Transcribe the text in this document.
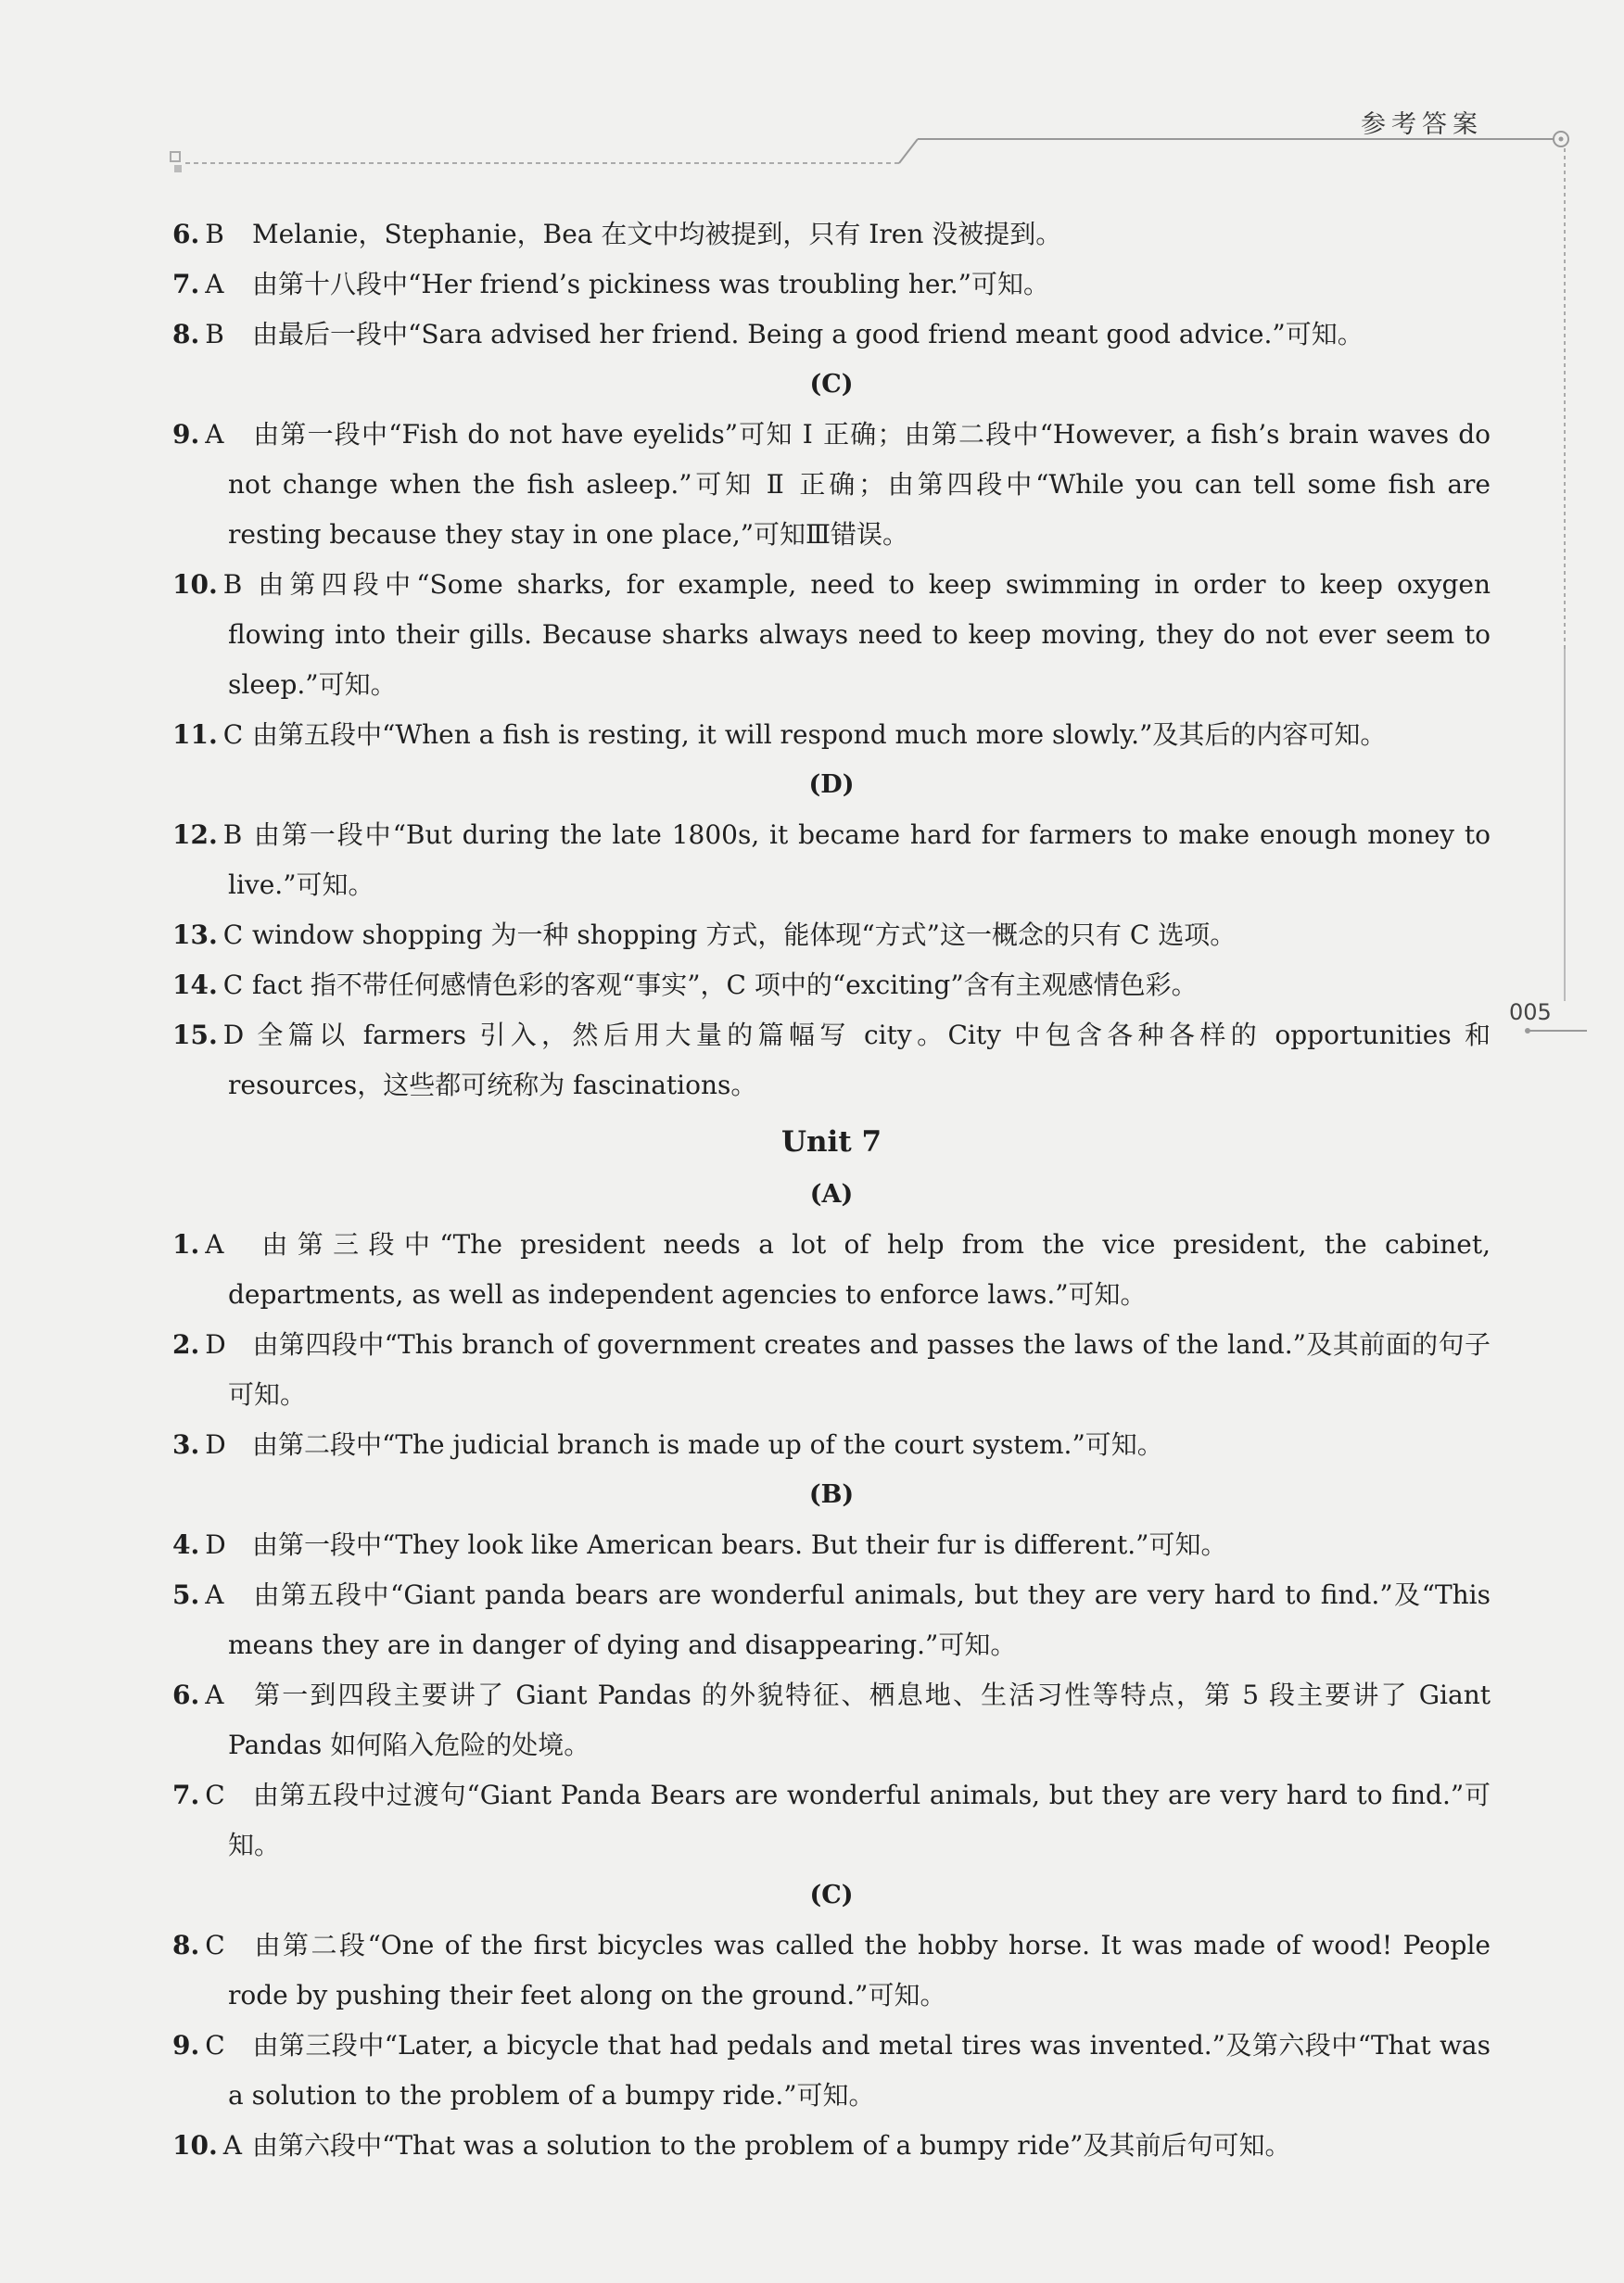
参考答案
005
6. B Melanie，Stephanie，Bea 在文中均被提到，只有 Iren 没被提到。
7. A 由第十八段中“Her friend’s pickiness was troubling her.”可知。
8. B 由最后一段中“Sara advised her friend. Being a good friend meant good advice.”可知。
(C)
9. A 由第一段中“Fish do not have eyelids”可知 Ⅰ 正确；由第二段中“However, a fish’s brain waves do not change when the fish asleep.”可知 Ⅱ 正确；由第四段中“While you can tell some fish are resting because they stay in one place,”可知Ⅲ错误。
10. B 由第四段中“Some sharks, for example, need to keep swimming in order to keep oxygen flowing into their gills. Because sharks always need to keep moving, they do not ever seem to sleep.”可知。
11. C 由第五段中“When a fish is resting, it will respond much more slowly.”及其后的内容可知。
(D)
12. B 由第一段中“But during the late 1800s, it became hard for farmers to make enough money to live.”可知。
13. C window shopping 为一种 shopping 方式，能体现“方式”这一概念的只有 C 选项。
14. C fact 指不带任何感情色彩的客观“事实”，C 项中的“exciting”含有主观感情色彩。
15. D 全篇以 farmers 引入，然后用大量的篇幅写 city。City 中包含各种各样的 opportunities 和 resources，这些都可统称为 fascinations。
Unit 7
(A)
1. A 由第三段中“The president needs a lot of help from the vice president, the cabinet, departments, as well as independent agencies to enforce laws.”可知。
2. D 由第四段中“This branch of government creates and passes the laws of the land.”及其前面的句子可知。
3. D 由第二段中“The judicial branch is made up of the court system.”可知。
(B)
4. D 由第一段中“They look like American bears. But their fur is different.”可知。
5. A 由第五段中“Giant panda bears are wonderful animals, but they are very hard to find.”及“This means they are in danger of dying and disappearing.”可知。
6. A 第一到四段主要讲了 Giant Pandas 的外貌特征、栖息地、生活习性等特点，第 5 段主要讲了 Giant Pandas 如何陷入危险的处境。
7. C 由第五段中过渡句“Giant Panda Bears are wonderful animals, but they are very hard to find.”可知。
(C)
8. C 由第二段“One of the first bicycles was called the hobby horse. It was made of wood! People rode by pushing their feet along on the ground.”可知。
9. C 由第三段中“Later, a bicycle that had pedals and metal tires was invented.”及第六段中“That was a solution to the problem of a bumpy ride.”可知。
10. A 由第六段中“That was a solution to the problem of a bumpy ride”及其前后句可知。
